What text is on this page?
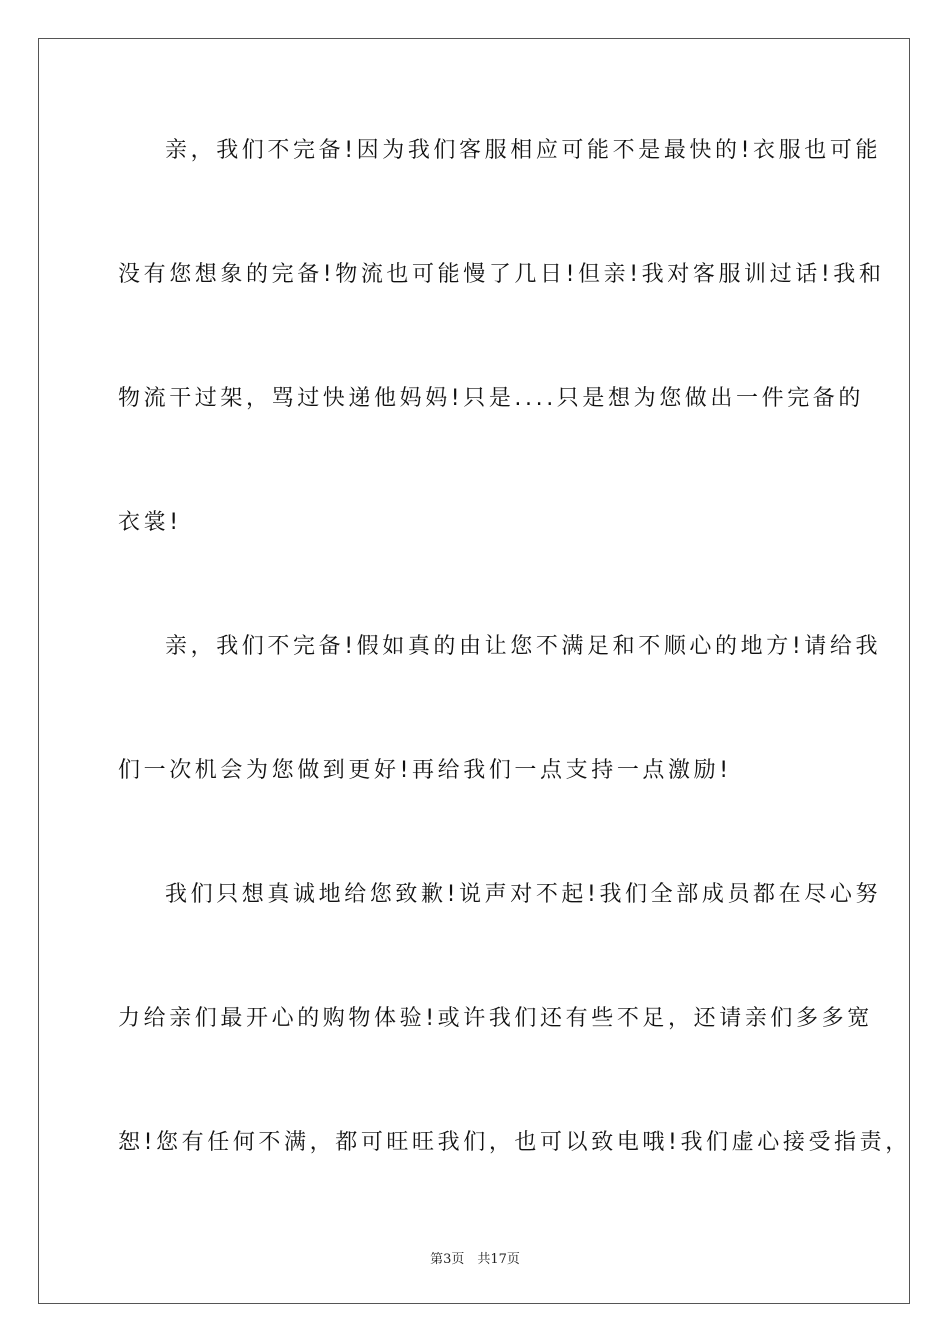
亲，我们不完备!因为我们客服相应可能不是最快的!衣服也可能
没有您想象的完备!物流也可能慢了几日!但亲!我对客服训过话!我和
物流干过架，骂过快递他妈妈!只是....只是想为您做出一件完备的
衣裳!
亲，我们不完备!假如真的由让您不满足和不顺心的地方!请给我
们一次机会为您做到更好!再给我们一点支持一点激励!
我们只想真诚地给您致歉!说声对不起!我们全部成员都在尽心努
力给亲们最开心的购物体验!或许我们还有些不足，还请亲们多多宽
恕!您有任何不满，都可旺旺我们，也可以致电哦!我们虚心接受指责，
第3页　共17页
